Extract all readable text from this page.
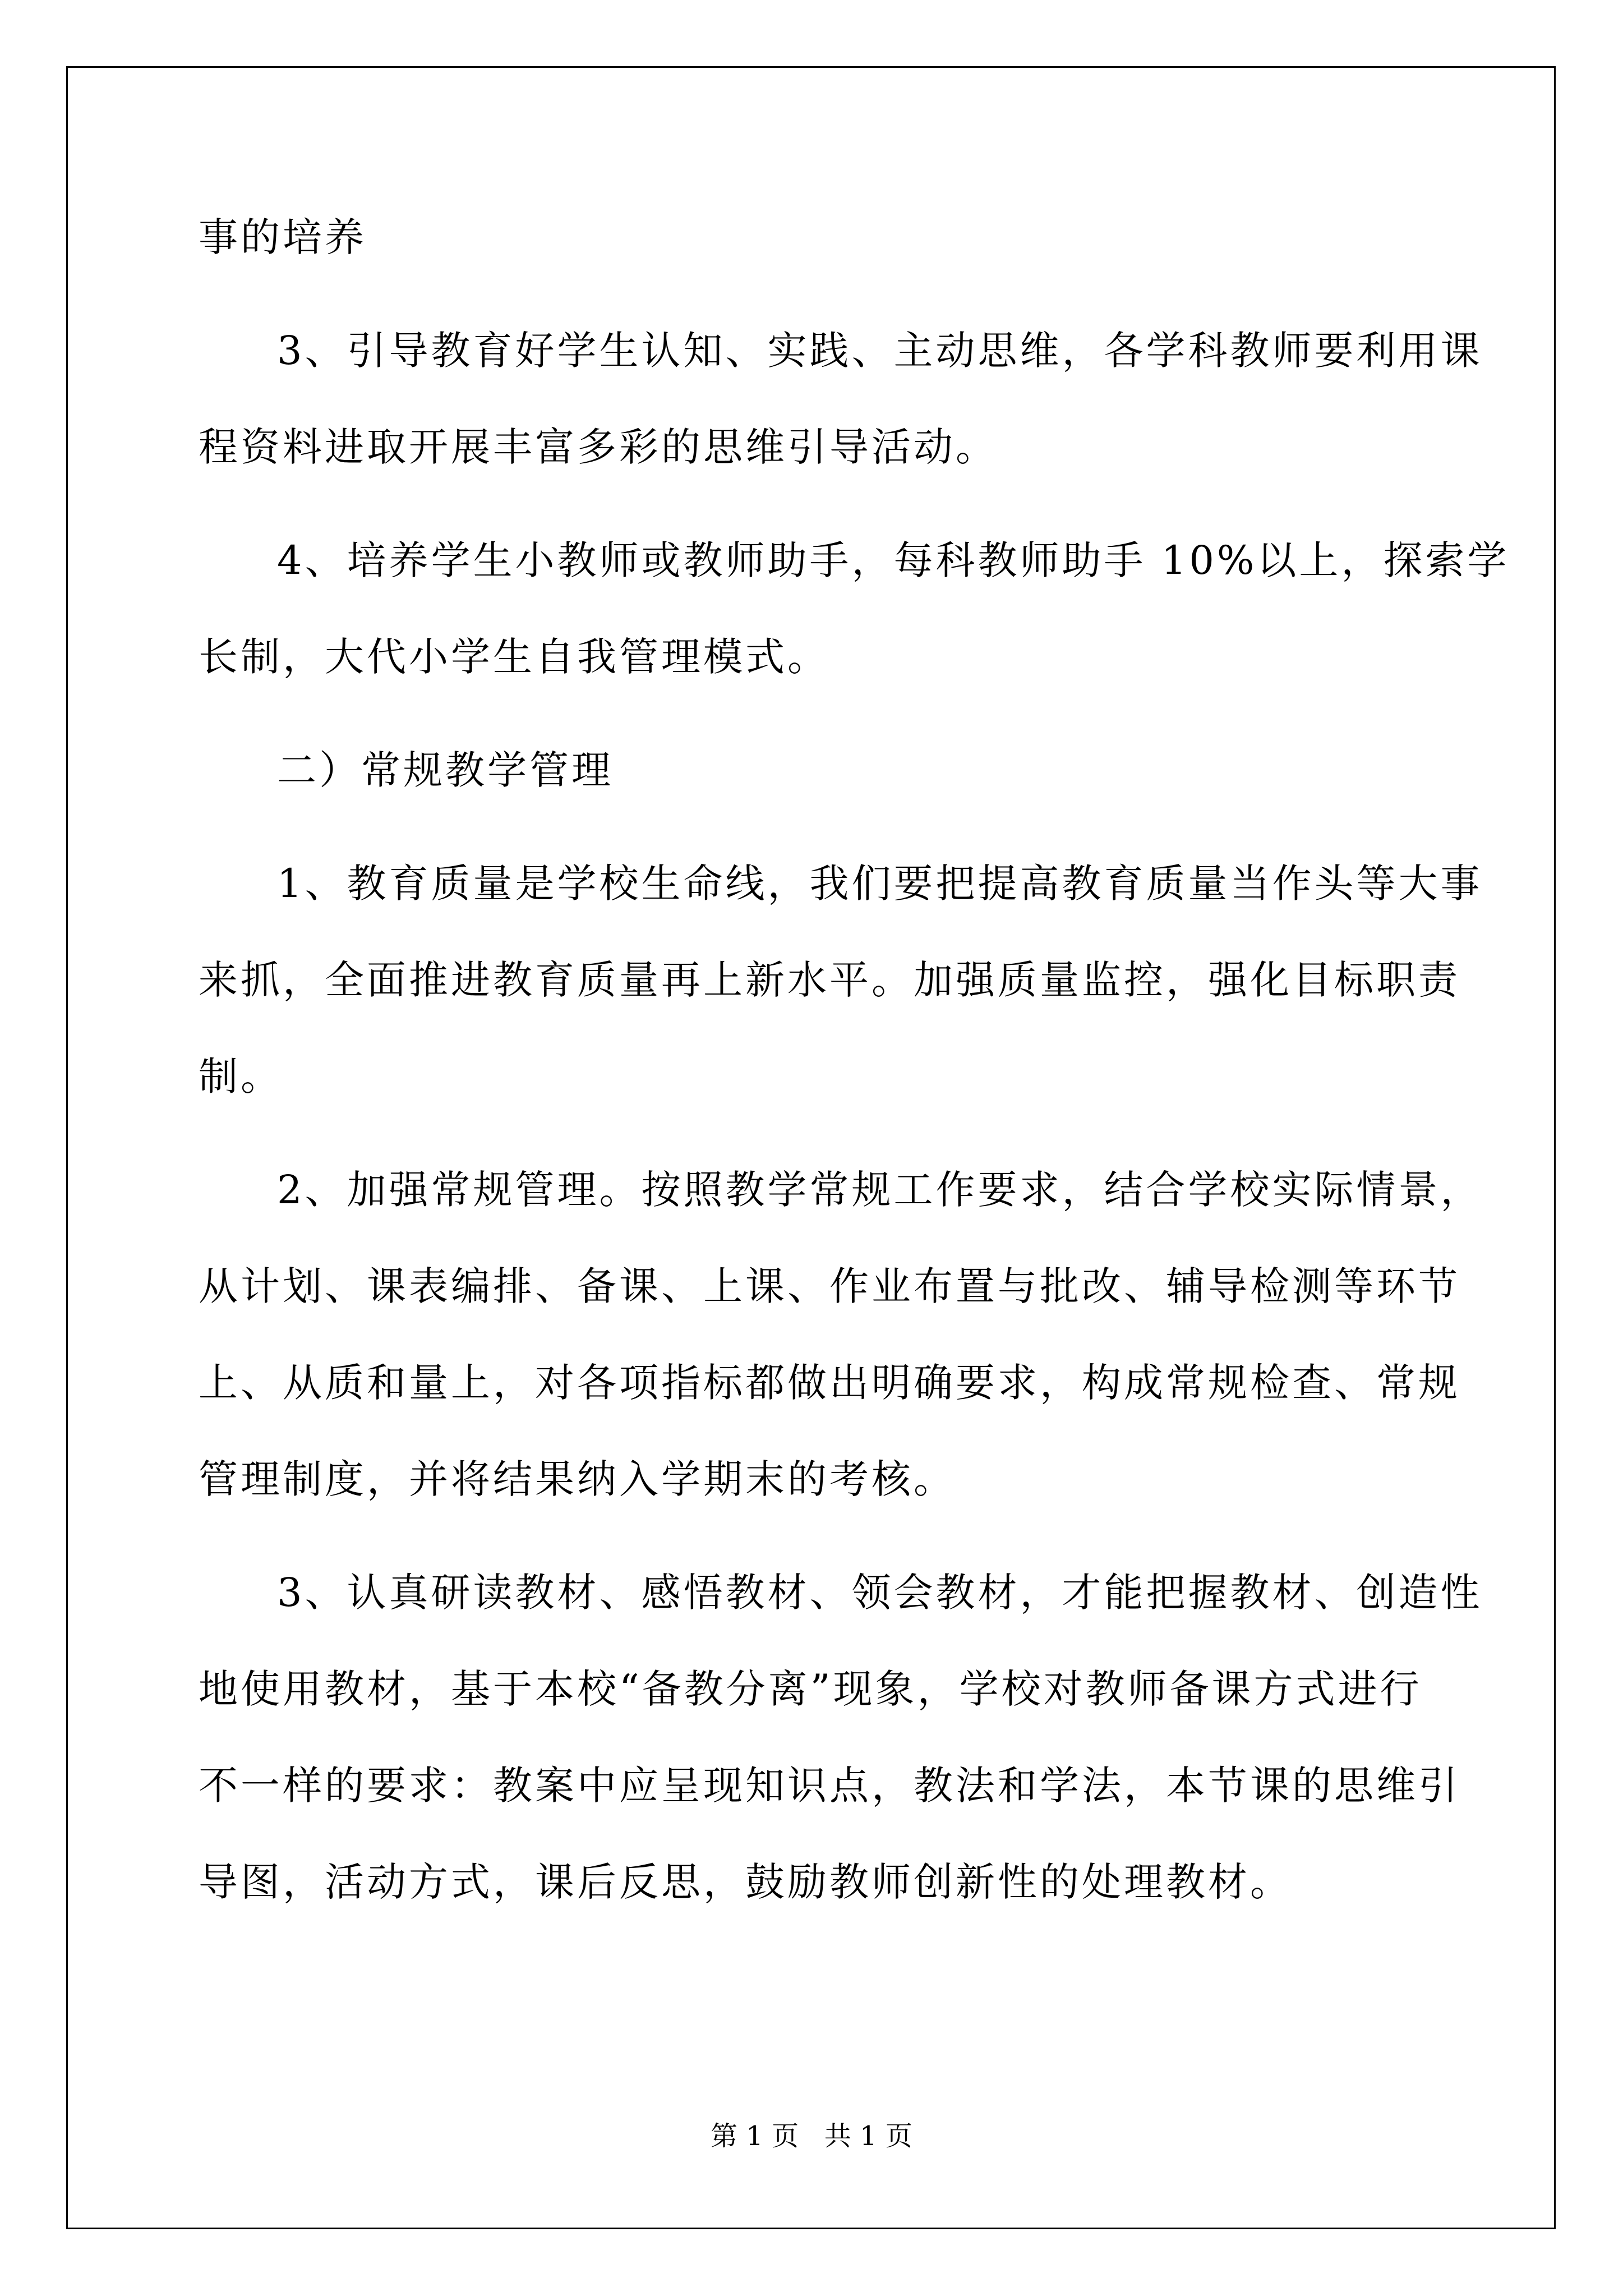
事的培养
3、引导教育好学生认知、实践、主动思维，各学科教师要利用课
程资料进取开展丰富多彩的思维引导活动。
4、培养学生小教师或教师助手，每科教师助手 10%以上，探索学
长制，大代小学生自我管理模式。
二）常规教学管理
1、教育质量是学校生命线，我们要把提高教育质量当作头等大事
来抓，全面推进教育质量再上新水平。加强质量监控，强化目标职责
制。
2、加强常规管理。按照教学常规工作要求，结合学校实际情景，
从计划、课表编排、备课、上课、作业布置与批改、辅导检测等环节
上、从质和量上，对各项指标都做出明确要求，构成常规检查、常规
管理制度，并将结果纳入学期末的考核。
3、认真研读教材、感悟教材、领会教材，才能把握教材、创造性
地使用教材，基于本校“备教分离”现象，学校对教师备课方式进行
不一样的要求：教案中应呈现知识点，教法和学法，本节课的思维引
导图，活动方式，课后反思，鼓励教师创新性的处理教材。
第 1 页   共 1 页
